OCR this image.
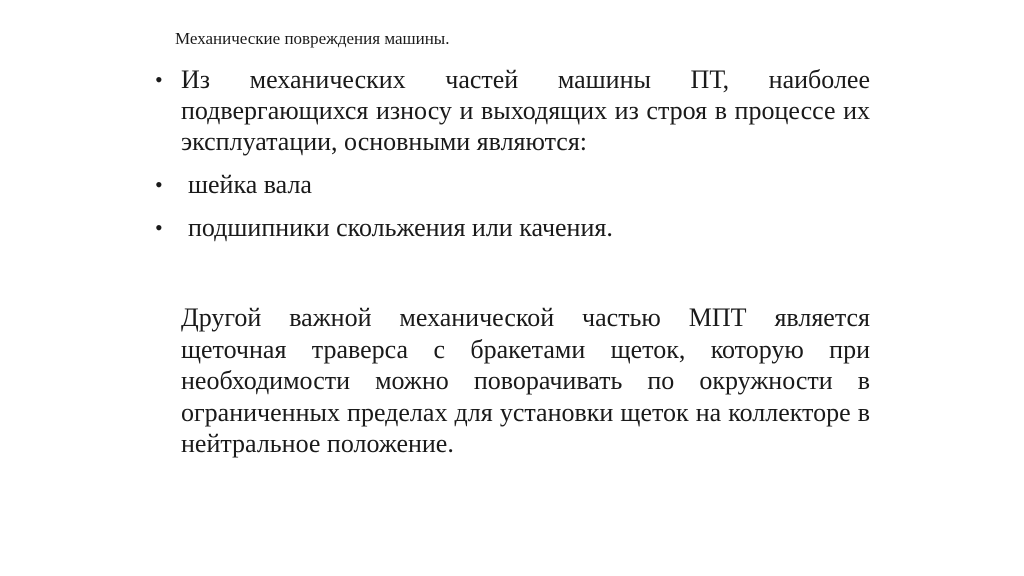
Механические повреждения машины.
• Из механических частей машины ПТ, наиболее подвергающихся износу и выходящих из строя в процессе их эксплуатации, основными являются:
• шейка вала
• подшипники скольжения или качения.

Другой важной механической частью МПТ является щеточная траверса с бракетами щеток, которую при необходимости можно поворачивать по окружности в ограниченных пределах для установки щеток на коллекторе в нейтральное положение.
